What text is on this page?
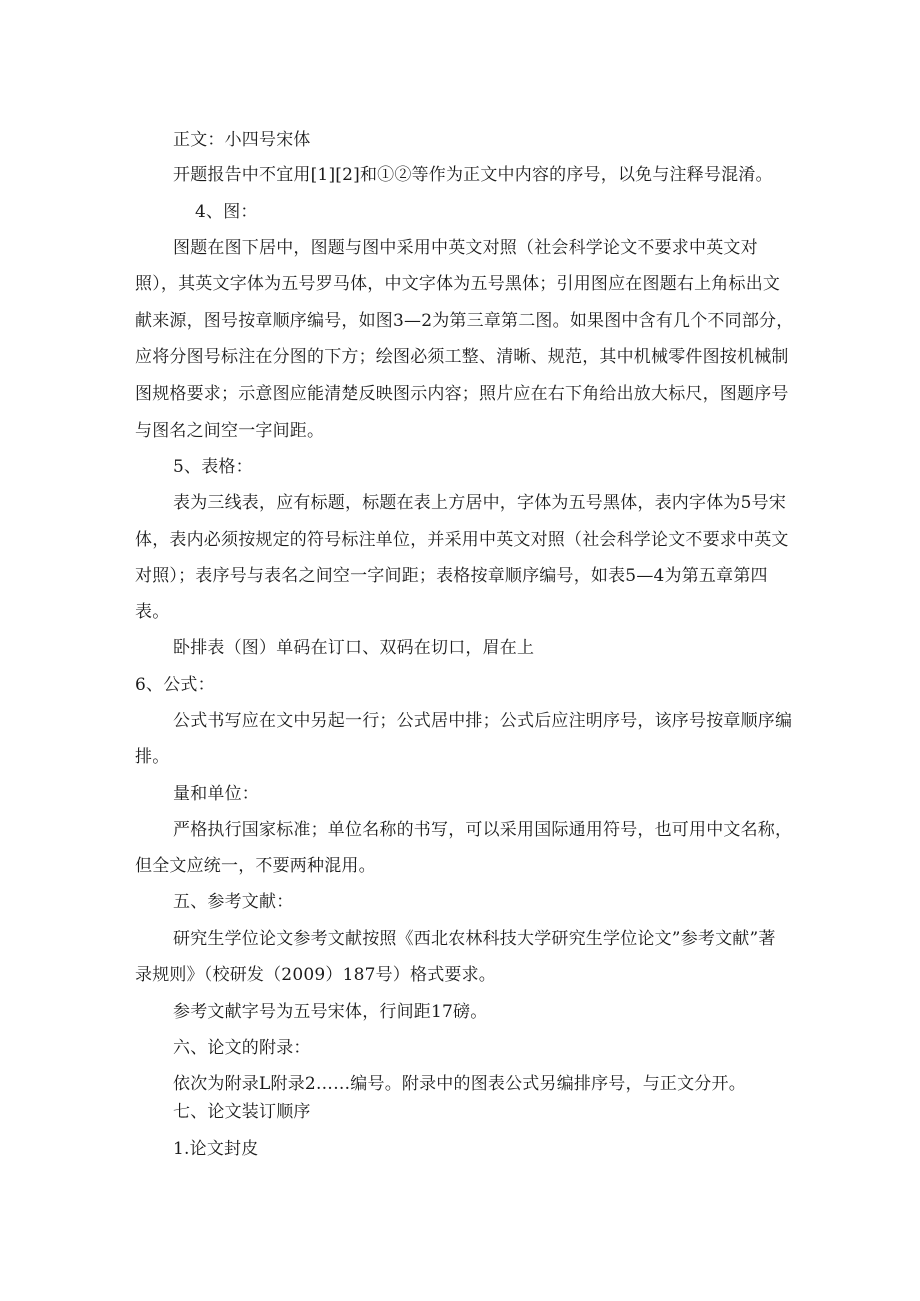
正文：小四号宋体
开题报告中不宜用[1][2]和①②等作为正文中内容的序号，以免与注释号混淆。
4、图：
图题在图下居中，图题与图中采用中英文对照（社会科学论文不要求中英文对
照），其英文字体为五号罗马体，中文字体为五号黑体；引用图应在图题右上角标出文
献来源，图号按章顺序编号，如图3—2为第三章第二图。如果图中含有几个不同部分，
应将分图号标注在分图的下方；绘图必须工整、清晰、规范，其中机械零件图按机械制
图规格要求；示意图应能清楚反映图示内容；照片应在右下角给出放大标尺，图题序号
与图名之间空一字间距。
5、表格：
表为三线表，应有标题，标题在表上方居中，字体为五号黑体，表内字体为5号宋
体，表内必须按规定的符号标注单位，并采用中英文对照（社会科学论文不要求中英文
对照）；表序号与表名之间空一字间距；表格按章顺序编号，如表5—4为第五章第四
表。
卧排表（图）单码在订口、双码在切口，眉在上
6、公式：
公式书写应在文中另起一行；公式居中排；公式后应注明序号，该序号按章顺序编
排。
量和单位：
严格执行国家标准；单位名称的书写，可以采用国际通用符号，也可用中文名称，
但全文应统一，不要两种混用。
五、参考文献：
研究生学位论文参考文献按照《西北农林科技大学研究生学位论文”参考文献”著
录规则》（校研发（2009）187号）格式要求。
参考文献字号为五号宋体，行间距17磅。
六、论文的附录：
依次为附录L附录2……编号。附录中的图表公式另编排序号，与正文分开。
七、论文装订顺序
1.论文封皮
